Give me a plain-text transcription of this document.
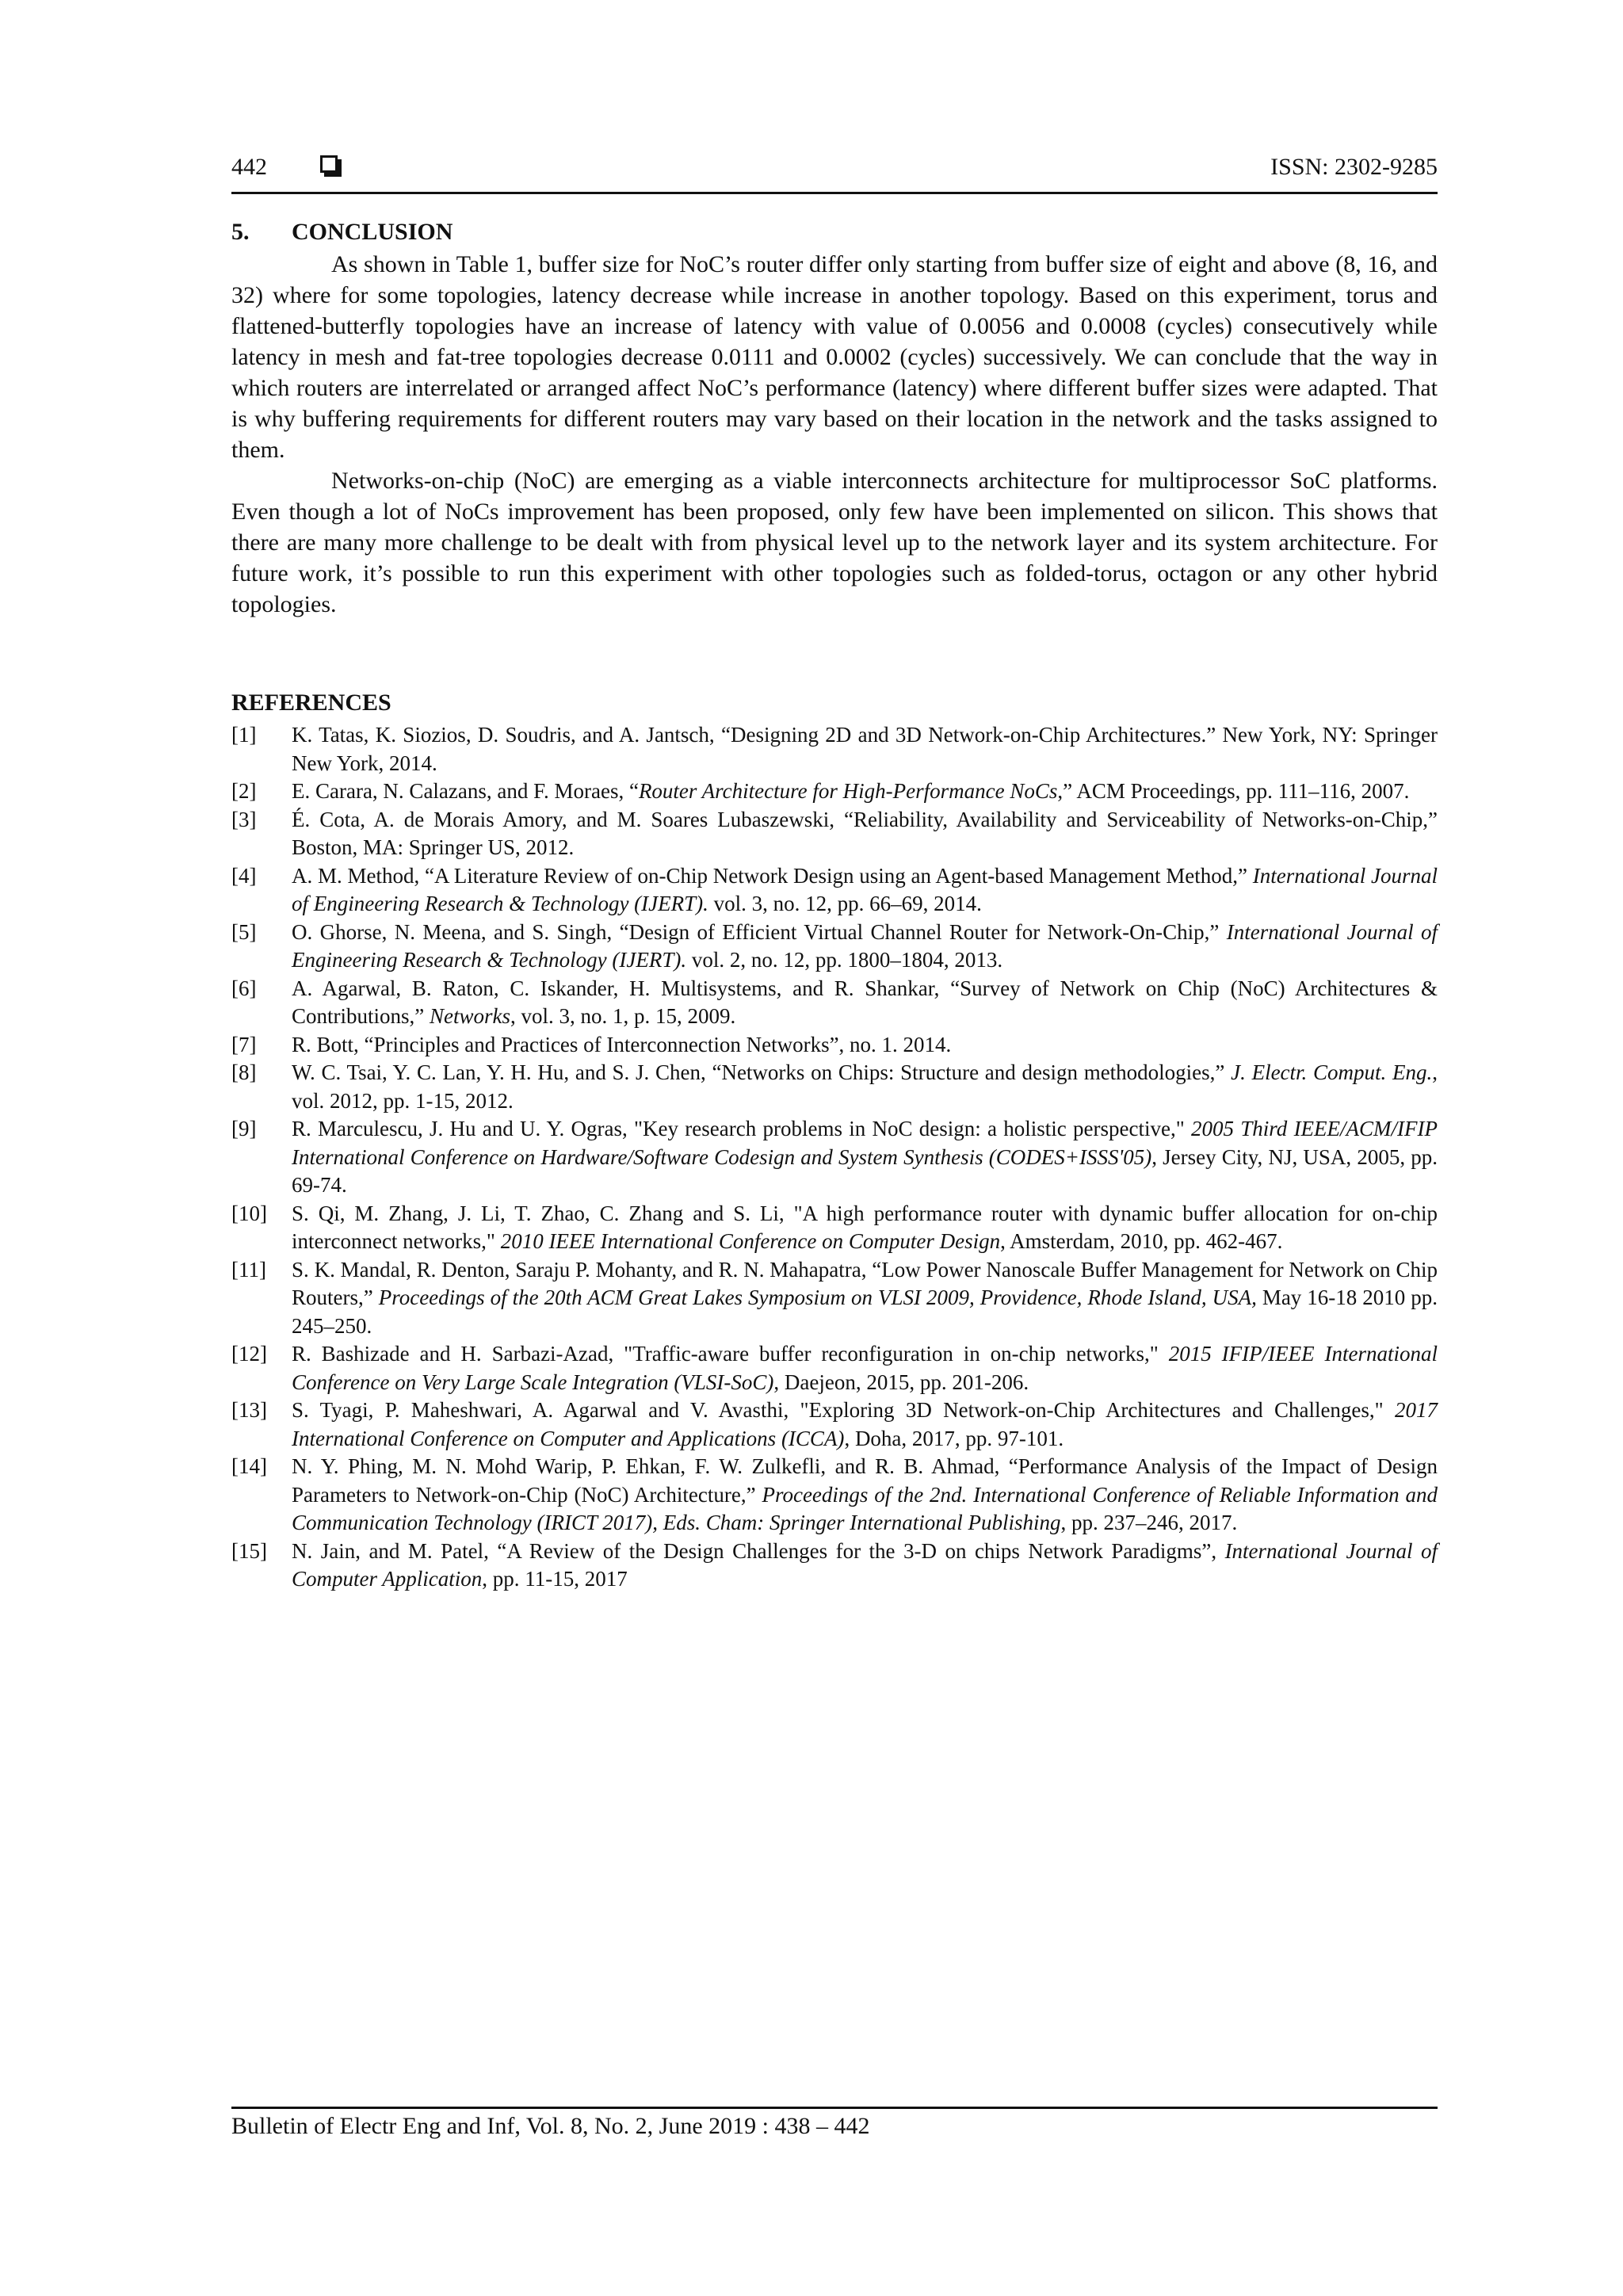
442	ISSN: 2302-9285
5. CONCLUSION

As shown in Table 1, buffer size for NoC’s router differ only starting from buffer size of eight and above (8, 16, and 32) where for some topologies, latency decrease while increase in another topology. Based on this experiment, torus and flattened-butterfly topologies have an increase of latency with value of 0.0056 and 0.0008 (cycles) consecutively while latency in mesh and fat-tree topologies decrease 0.0111 and 0.0002 (cycles) successively. We can conclude that the way in which routers are interrelated or arranged affect NoC’s performance (latency) where different buffer sizes were adapted. That is why buffering requirements for different routers may vary based on their location in the network and the tasks assigned to them.

Networks-on-chip (NoC) are emerging as a viable interconnects architecture for multiprocessor SoC platforms. Even though a lot of NoCs improvement has been proposed, only few have been implemented on silicon. This shows that there are many more challenge to be dealt with from physical level up to the network layer and its system architecture. For future work, it’s possible to run this experiment with other topologies such as folded-torus, octagon or any other hybrid topologies.

REFERENCES

[1] K. Tatas, K. Siozios, D. Soudris, and A. Jantsch, “Designing 2D and 3D Network-on-Chip Architectures.” New York, NY: Springer New York, 2014.

[2] E. Carara, N. Calazans, and F. Moraes, “Router Architecture for High-Performance NoCs,” ACM Proceedings, pp. 111–116, 2007.

[3] É. Cota, A. de Morais Amory, and M. Soares Lubaszewski, “Reliability, Availability and Serviceability of Networks-on-Chip,” Boston, MA: Springer US, 2012.

[4] A. M. Method, “A Literature Review of on-Chip Network Design using an Agent-based Management Method,” International Journal of Engineering Research & Technology (IJERT). vol. 3, no. 12, pp. 66–69, 2014.

[5] O. Ghorse, N. Meena, and S. Singh, “Design of Efficient Virtual Channel Router for Network-On-Chip,” International Journal of Engineering Research & Technology (IJERT). vol. 2, no. 12, pp. 1800–1804, 2013.

[6] A. Agarwal, B. Raton, C. Iskander, H. Multisystems, and R. Shankar, “Survey of Network on Chip (NoC) Architectures & Contributions,” Networks, vol. 3, no. 1, p. 15, 2009.

[7] R. Bott, “Principles and Practices of Interconnection Networks”, no. 1. 2014.

[8] W. C. Tsai, Y. C. Lan, Y. H. Hu, and S. J. Chen, “Networks on Chips: Structure and design methodologies,” J. Electr. Comput. Eng., vol. 2012, pp. 1-15, 2012.

[9] R. Marculescu, J. Hu and U. Y. Ogras, "Key research problems in NoC design: a holistic perspective," 2005 Third IEEE/ACM/IFIP International Conference on Hardware/Software Codesign and System Synthesis (CODES+ISSS'05), Jersey City, NJ, USA, 2005, pp. 69-74.

[10] S. Qi, M. Zhang, J. Li, T. Zhao, C. Zhang and S. Li, "A high performance router with dynamic buffer allocation for on-chip interconnect networks," 2010 IEEE International Conference on Computer Design, Amsterdam, 2010, pp. 462-467.

[11] S. K. Mandal, R. Denton, Saraju P. Mohanty, and R. N. Mahapatra, “Low Power Nanoscale Buffer Management for Network on Chip Routers,” Proceedings of the 20th ACM Great Lakes Symposium on VLSI 2009, Providence, Rhode Island, USA, May 16-18 2010 pp. 245–250.

[12] R. Bashizade and H. Sarbazi-Azad, "Traffic-aware buffer reconfiguration in on-chip networks," 2015 IFIP/IEEE International Conference on Very Large Scale Integration (VLSI-SoC), Daejeon, 2015, pp. 201-206.

[13] S. Tyagi, P. Maheshwari, A. Agarwal and V. Avasthi, "Exploring 3D Network-on-Chip Architectures and Challenges," 2017 International Conference on Computer and Applications (ICCA), Doha, 2017, pp. 97-101.

[14] N. Y. Phing, M. N. Mohd Warip, P. Ehkan, F. W. Zulkefli, and R. B. Ahmad, “Performance Analysis of the Impact of Design Parameters to Network-on-Chip (NoC) Architecture,” Proceedings of the 2nd. International Conference of Reliable Information and Communication Technology (IRICT 2017), Eds. Cham: Springer International Publishing, pp. 237–246, 2017.

[15] N. Jain, and M. Patel, “A Review of the Design Challenges for the 3-D on chips Network Paradigms”, International Journal of Computer Application, pp. 11-15, 2017

Bulletin of Electr Eng and Inf, Vol. 8, No. 2, June 2019 : 438 – 442
